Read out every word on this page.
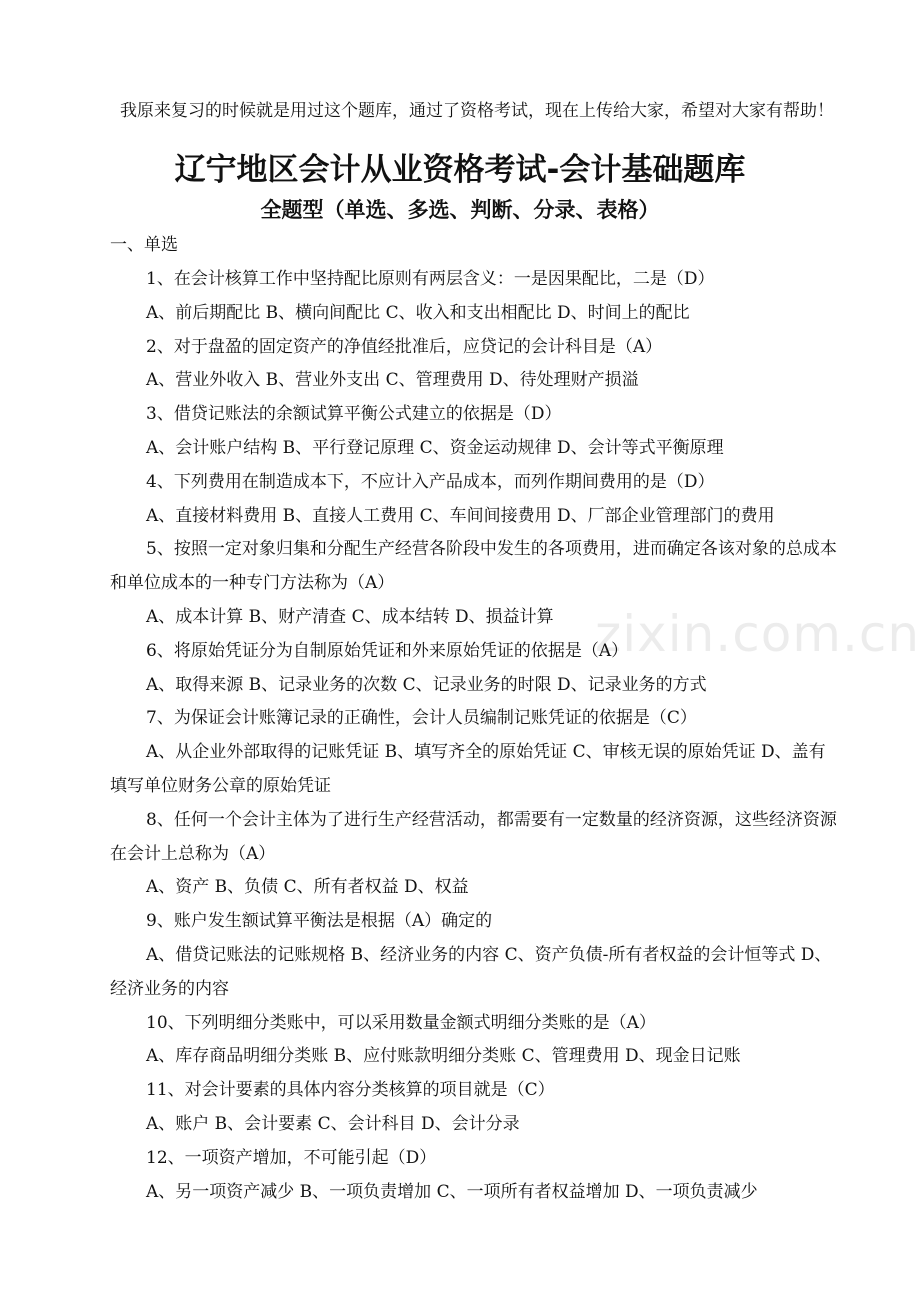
我原来复习的时候就是用过这个题库，通过了资格考试，现在上传给大家，希望对大家有帮助！
辽宁地区会计从业资格考试-会计基础题库
全题型（单选、多选、判断、分录、表格）
一、单选
zixin.com.cn

1、在会计核算工作中坚持配比原则有两层含义：一是因果配比，二是（D）

A、前后期配比 B、横向间配比 C、收入和支出相配比 D、时间上的配比

2、对于盘盈的固定资产的净值经批准后，应贷记的会计科目是（A）

A、营业外收入 B、营业外支出 C、管理费用 D、待处理财产损溢

3、借贷记账法的余额试算平衡公式建立的依据是（D）

A、会计账户结构 B、平行登记原理 C、资金运动规律 D、会计等式平衡原理

4、下列费用在制造成本下，不应计入产品成本，而列作期间费用的是（D）

A、直接材料费用 B、直接人工费用 C、车间间接费用 D、厂部企业管理部门的费用

5、按照一定对象归集和分配生产经营各阶段中发生的各项费用，进而确定各该对象的总成本和单位成本的一种专门方法称为（A）

A、成本计算 B、财产清查 C、成本结转 D、损益计算

6、将原始凭证分为自制原始凭证和外来原始凭证的依据是（A）

A、取得来源 B、记录业务的次数 C、记录业务的时限 D、记录业务的方式

7、为保证会计账簿记录的正确性，会计人员编制记账凭证的依据是（C）

A、从企业外部取得的记账凭证 B、填写齐全的原始凭证 C、审核无误的原始凭证 D、盖有填写单位财务公章的原始凭证

8、任何一个会计主体为了进行生产经营活动，都需要有一定数量的经济资源，这些经济资源在会计上总称为（A）

A、资产 B、负债 C、所有者权益 D、权益

9、账户发生额试算平衡法是根据（A）确定的

A、借贷记账法的记账规格 B、经济业务的内容 C、资产负债-所有者权益的会计恒等式 D、经济业务的内容

10、下列明细分类账中，可以采用数量金额式明细分类账的是（A）

A、库存商品明细分类账 B、应付账款明细分类账 C、管理费用 D、现金日记账

11、对会计要素的具体内容分类核算的项目就是（C）

A、账户 B、会计要素 C、会计科目 D、会计分录

12、一项资产增加，不可能引起（D）

A、另一项资产减少 B、一项负责增加 C、一项所有者权益增加 D、一项负责减少
